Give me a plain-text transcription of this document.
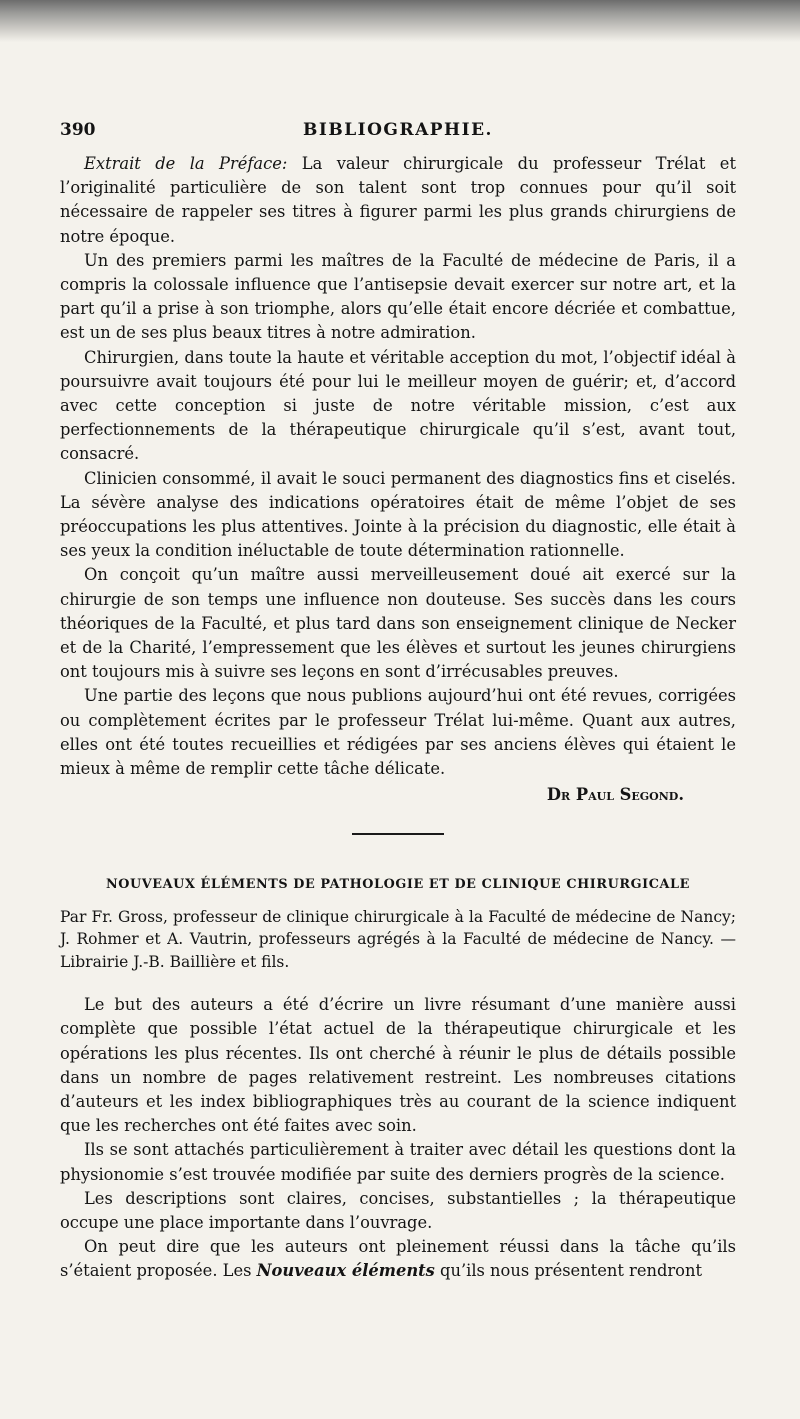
390	BIBLIOGRAPHIE.

Extrait de la Préface: La valeur chirurgicale du professeur Trélat et l’originalité particulière de son talent sont trop connues pour qu’il soit nécessaire de rappeler ses titres à figurer parmi les plus grands chirurgiens de notre époque.

Un des premiers parmi les maîtres de la Faculté de médecine de Paris, il a compris la colossale influence que l’antisepsie devait exercer sur notre art, et la part qu’il a prise à son triomphe, alors qu’elle était encore décriée et combattue, est un de ses plus beaux titres à notre admiration.

Chirurgien, dans toute la haute et véritable acception du mot, l’objectif idéal à poursuivre avait toujours été pour lui le meilleur moyen de guérir; et, d’accord avec cette conception si juste de notre véritable mission, c’est aux perfectionnements de la thérapeutique chirurgicale qu’il s’est, avant tout, consacré.

Clinicien consommé, il avait le souci permanent des diagnostics fins et ciselés. La sévère analyse des indications opératoires était de même l’objet de ses préoccupations les plus attentives. Jointe à la précision du diagnostic, elle était à ses yeux la condition inéluctable de toute détermination rationnelle.

On conçoit qu’un maître aussi merveilleusement doué ait exercé sur la chirurgie de son temps une influence non douteuse. Ses succès dans les cours théoriques de la Faculté, et plus tard dans son enseignement clinique de Necker et de la Charité, l’empressement que les élèves et surtout les jeunes chirurgiens ont toujours mis à suivre ses leçons en sont d’irrécusables preuves.

Une partie des leçons que nous publions aujourd’hui ont été revues, corrigées ou complètement écrites par le professeur Trélat lui-même. Quant aux autres, elles ont été toutes recueillies et rédigées par ses anciens élèves qui étaient le mieux à même de remplir cette tâche délicate.

Dr Paul Segond.
NOUVEAUX ÉLÉMENTS DE PATHOLOGIE ET DE CLINIQUE CHIRURGICALE

Par Fr. Gross, professeur de clinique chirurgicale à la Faculté de médecine de Nancy; J. Rohmer et A. Vautrin, professeurs agrégés à la Faculté de médecine de Nancy. — Librairie J.-B. Baillière et fils.

Le but des auteurs a été d’écrire un livre résumant d’une manière aussi complète que possible l’état actuel de la thérapeutique chirurgicale et les opérations les plus récentes. Ils ont cherché à réunir le plus de détails possible dans un nombre de pages relativement restreint. Les nombreuses citations d’auteurs et les index bibliographiques très au courant de la science indiquent que les recherches ont été faites avec soin.

Ils se sont attachés particulièrement à traiter avec détail les questions dont la physionomie s’est trouvée modifiée par suite des derniers progrès de la science.

Les descriptions sont claires, concises, substantielles ; la thérapeutique occupe une place importante dans l’ouvrage.

On peut dire que les auteurs ont pleinement réussi dans la tâche qu’ils s’étaient proposée. Les Nouveaux éléments qu’ils nous présentent rendront
